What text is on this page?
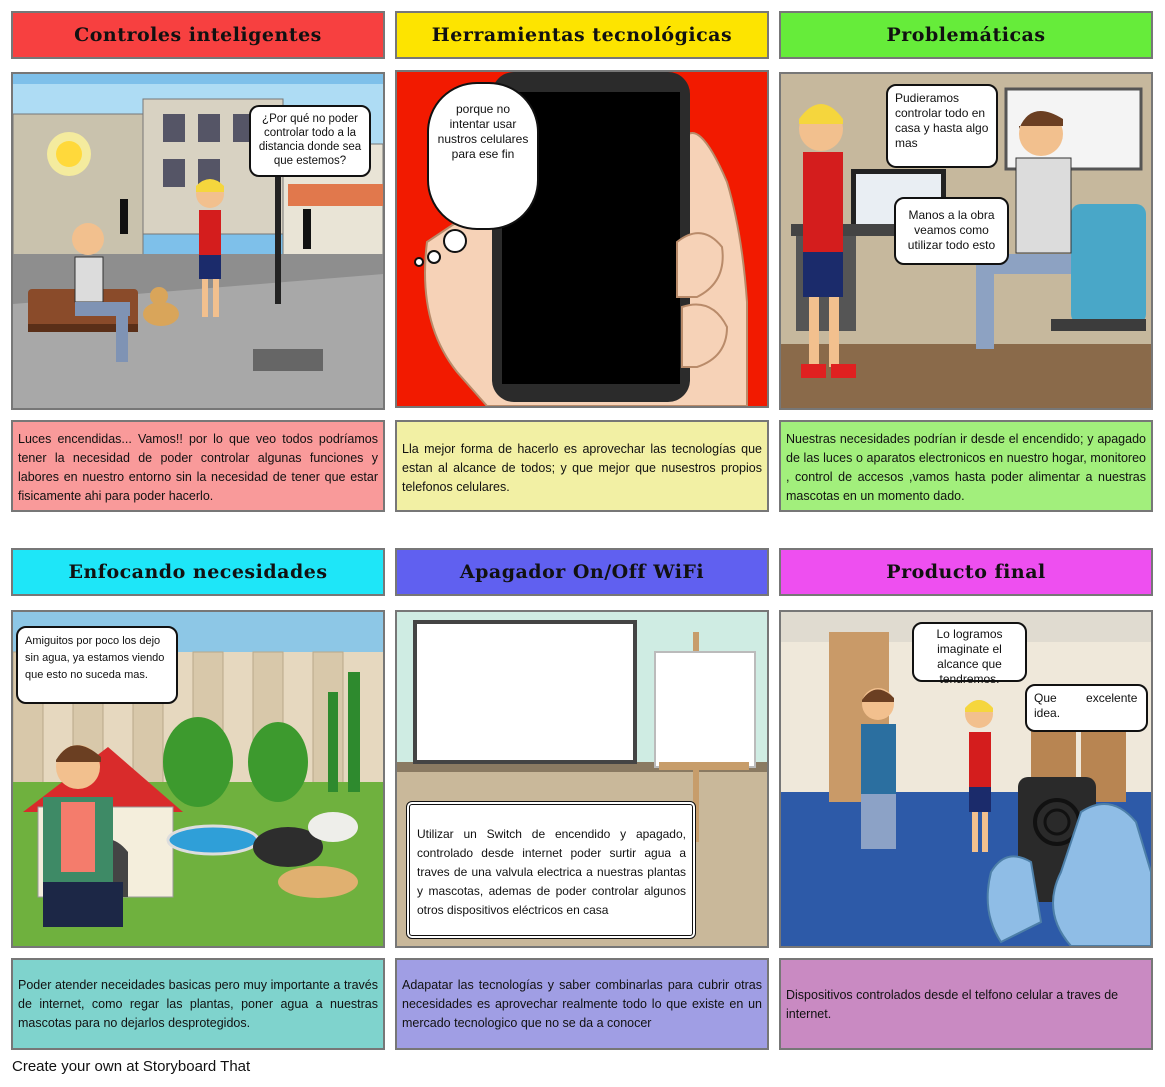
Controles inteligentes
¿Por qué no poder controlar todo a la distancia donde sea que estemos?
Luces encendidas... Vamos!! por lo que veo todos podríamos tener la necesidad de poder controlar algunas funciones y labores en nuestro entorno sin la necesidad de tener que estar fisicamente ahi para poder hacerlo.
Herramientas tecnológicas
porque no intentar usar nustros celulares para ese fin
Lla mejor forma de hacerlo es aprovechar las tecnologías que estan al alcance de todos; y que mejor que nusestros propios telefonos celulares.
Problemáticas
Pudieramos controlar todo en casa y hasta algo mas
Manos a la obra veamos como utilizar todo esto
Nuestras necesidades podrían ir desde el encendido; y apagado de las luces o aparatos electronicos en nuestro hogar, monitoreo , control de accesos ,vamos hasta poder alimentar a nuestras mascotas en un momento dado.
Enfocando necesidades
Amiguitos por poco los dejo sin agua, ya estamos viendo que esto no suceda mas.
Poder atender neceidades basicas pero muy importante a través de internet, como regar las plantas, poner agua a nuestras mascotas para no dejarlos desprotegidos.
Apagador On/Off WiFi
Utilizar un Switch de encendido y apagado, controlado desde internet poder surtir agua a traves de una valvula electrica a nuestras plantas y mascotas, ademas de poder controlar algunos otros dispositivos eléctricos en casa
Adapatar las tecnologías y saber combinarlas para cubrir otras necesidades es aprovechar realmente todo lo que existe en un mercado tecnologico que no se da a conocer
Producto final
Lo logramos imaginate el alcance que tendremos.
Que excelente idea.
Dispositivos controlados desde el telfono celular a traves de internet.
Create your own at Storyboard That
